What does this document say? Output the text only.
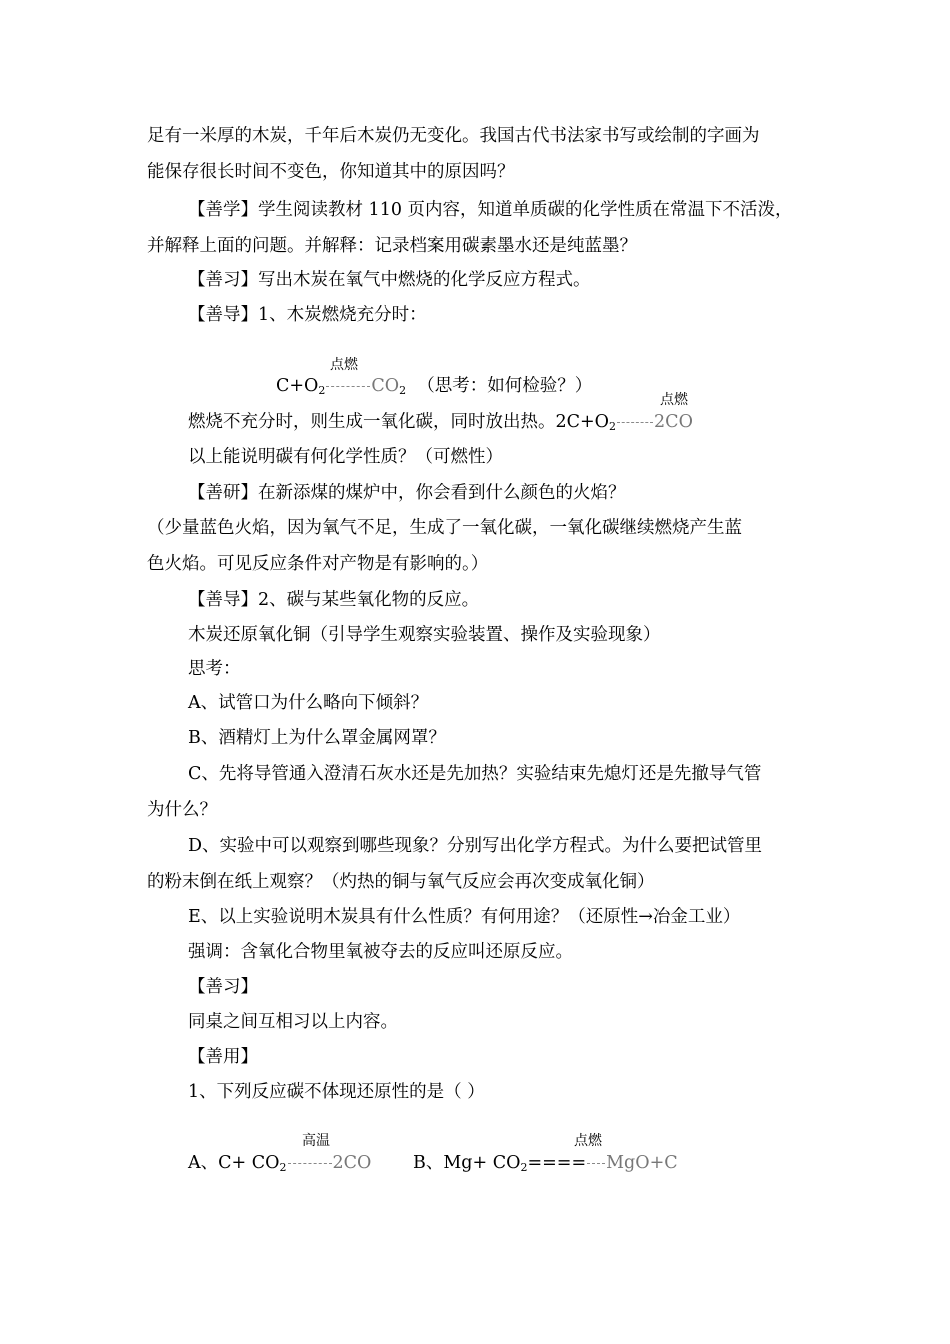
足有一米厚的木炭，千年后木炭仍无变化。我国古代书法家书写或绘制的字画为
能保存很长时间不变色，你知道其中的原因吗？
【善学】学生阅读教材 110 页内容，知道单质碳的化学性质在常温下不活泼，
并解释上面的问题。并解释：记录档案用碳素墨水还是纯蓝墨？
【善习】写出木炭在氧气中燃烧的化学反应方程式。
【善导】1、木炭燃烧充分时：
点燃
C+O2	CO2 （思考：如何检验？）
点燃
燃烧不充分时，则生成一氧化碳，同时放出热。2C+O2 2CO
以上能说明碳有何化学性质？（可燃性）
【善研】在新添煤的煤炉中，你会看到什么颜色的火焰？
（少量蓝色火焰，因为氧气不足，生成了一氧化碳，一氧化碳继续燃烧产生蓝
色火焰。可见反应条件对产物是有影响的。）
【善导】2、碳与某些氧化物的反应。
木炭还原氧化铜（引导学生观察实验装置、操作及实验现象）
思考：
A、试管口为什么略向下倾斜？
B、酒精灯上为什么罩金属网罩？
C、先将导管通入澄清石灰水还是先加热？实验结束先熄灯还是先撤导气管
为什么？
D、实验中可以观察到哪些现象？分别写出化学方程式。为什么要把试管里
的粉末倒在纸上观察？（灼热的铜与氧气反应会再次变成氧化铜）
E、以上实验说明木炭具有什么性质？有何用途？（还原性→冶金工业）
强调：含氧化合物里氧被夺去的反应叫还原反应。
【善习】
同桌之间互相习以上内容。
【善用】
1、下列反应碳不体现还原性的是（ ）
高温	点燃
A、C+ CO2	2CO B、Mg+ CO2==== MgO+C
